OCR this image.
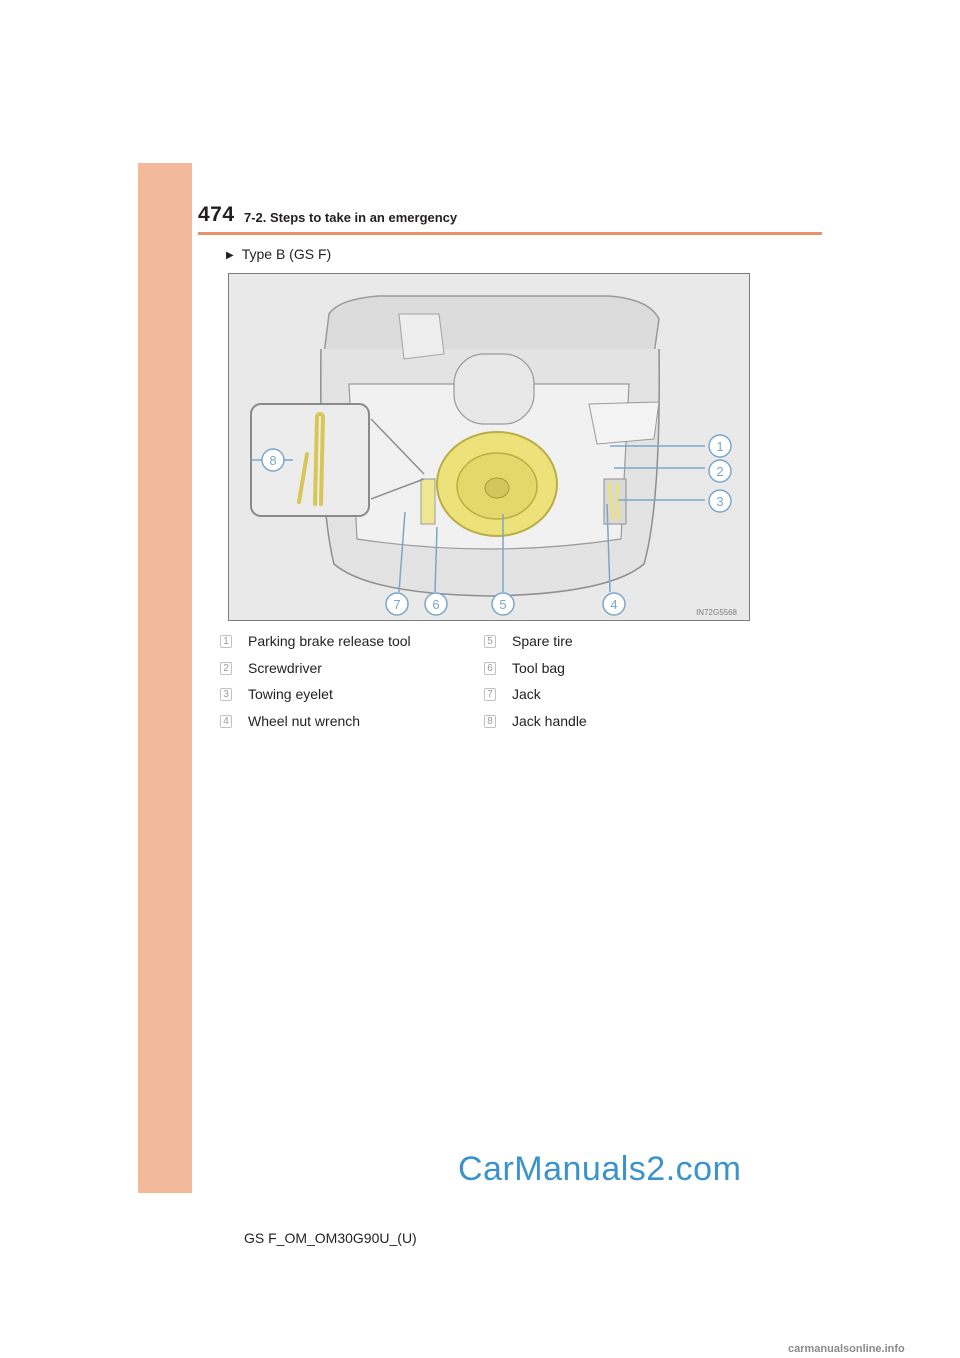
474 7-2. Steps to take in an emergency
▶ Type B (GS F)
1
2
3
4
5
6
7
8
IN72G5568
1 Parking brake release tool
2 Screwdriver
3 Towing eyelet
4 Wheel nut wrench
5 Spare tire
6 Tool bag
7 Jack
8 Jack handle
CarManuals2.com
GS F_OM_OM30G90U_(U)
carmanualsonline.info
